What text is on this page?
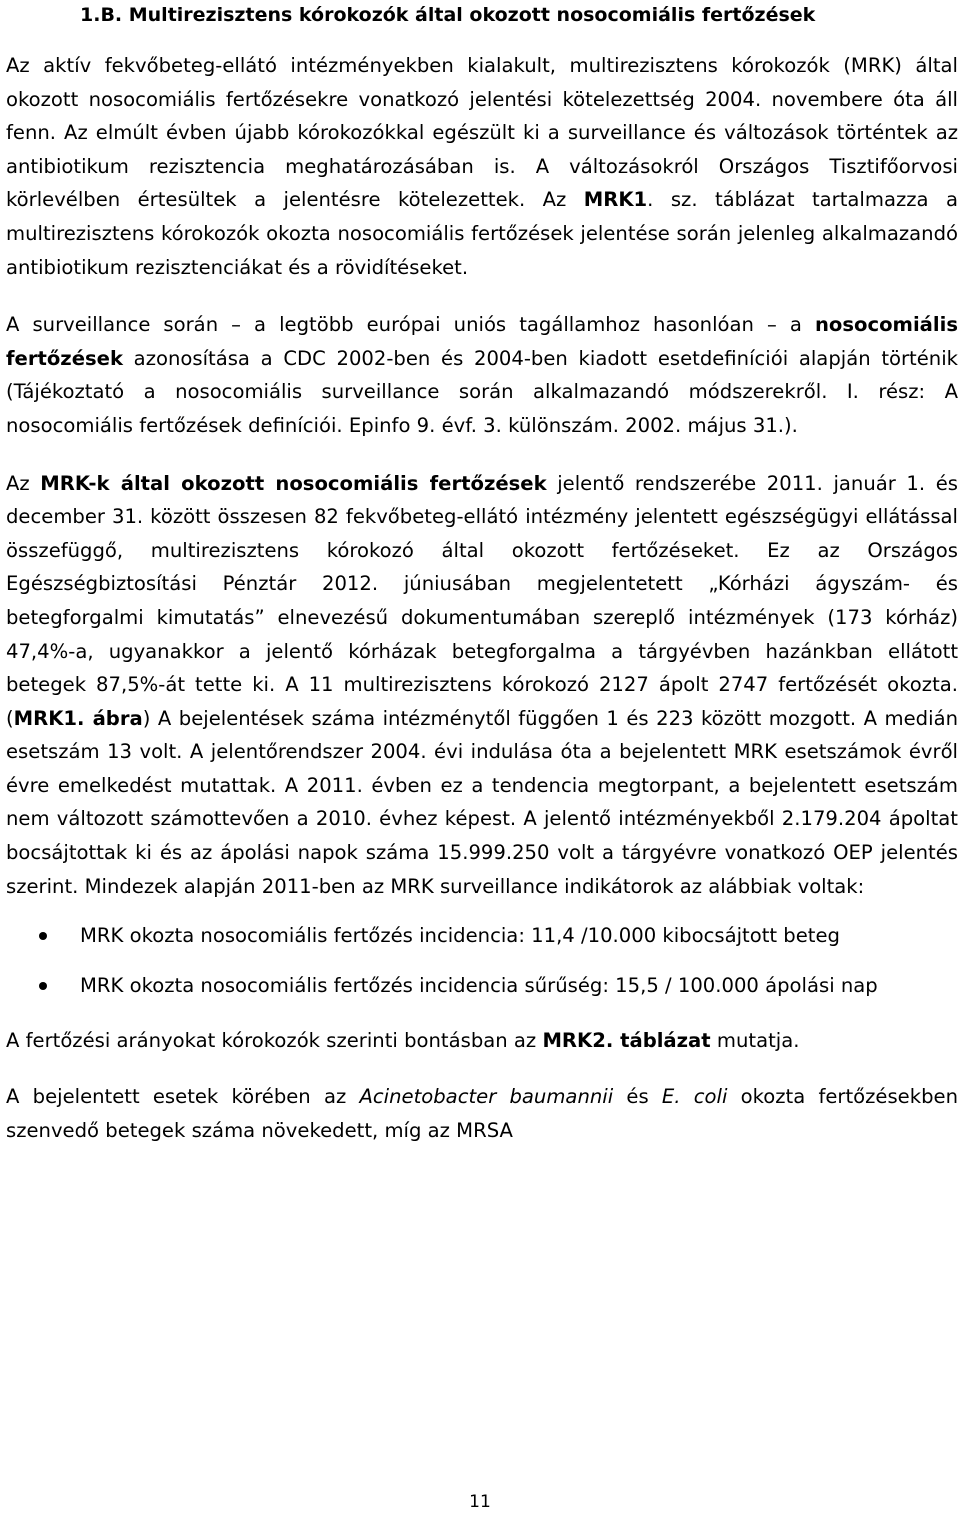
1.B. Multirezisztens kórokozók által okozott nosocomiális fertőzések

Az aktív fekvőbeteg-ellátó intézményekben kialakult, multirezisztens kórokozók (MRK) által okozott nosocomiális fertőzésekre vonatkozó jelentési kötelezettség 2004. novembere óta áll fenn. Az elmúlt évben újabb kórokozókkal egészült ki a surveillance és változások történtek az antibiotikum rezisztencia meghatározásában is. A változásokról Országos Tisztifőorvosi körlevélben értesültek a jelentésre kötelezettek. Az MRK1. sz. táblázat tartalmazza a multirezisztens kórokozók okozta nosocomiális fertőzések jelentése során jelenleg alkalmazandó antibiotikum rezisztenciákat és a rövidítéseket.

A surveillance során – a legtöbb európai uniós tagállamhoz hasonlóan – a nosocomiális fertőzések azonosítása a CDC 2002-ben és 2004-ben kiadott esetdefiníciói alapján történik (Tájékoztató a nosocomiális surveillance során alkalmazandó módszerekről. I. rész: A nosocomiális fertőzések definíciói. Epinfo 9. évf. 3. különszám. 2002. május 31.).

Az MRK-k által okozott nosocomiális fertőzések jelentő rendszerébe 2011. január 1. és december 31. között összesen 82 fekvőbeteg-ellátó intézmény jelentett egészségügyi ellátással összefüggő, multirezisztens kórokozó által okozott fertőzéseket. Ez az Országos Egészségbiztosítási Pénztár 2012. júniusában megjelentetett „Kórházi ágyszám- és betegforgalmi kimutatás” elnevezésű dokumentumában szereplő intézmények (173 kórház) 47,4%-a, ugyanakkor a jelentő kórházak betegforgalma a tárgyévben hazánkban ellátott betegek 87,5%-át tette ki. A 11 multirezisztens kórokozó 2127 ápolt 2747 fertőzését okozta. (MRK1. ábra) A bejelentések száma intézménytől függően 1 és 223 között mozgott. A medián esetszám 13 volt. A jelentőrendszer 2004. évi indulása óta a bejelentett MRK esetszámok évről évre emelkedést mutattak. A 2011. évben ez a tendencia megtorpant, a bejelentett esetszám nem változott számottevően a 2010. évhez képest. A jelentő intézményekből 2.179.204 ápoltat bocsájtottak ki és az ápolási napok száma 15.999.250 volt a tárgyévre vonatkozó OEP jelentés szerint. Mindezek alapján 2011-ben az MRK surveillance indikátorok az alábbiak voltak:

MRK okozta nosocomiális fertőzés incidencia: 11,4 /10.000 kibocsájtott beteg
MRK okozta nosocomiális fertőzés incidencia sűrűség: 15,5 / 100.000 ápolási nap

A fertőzési arányokat kórokozók szerinti bontásban az MRK2. táblázat mutatja.

A bejelentett esetek körében az Acinetobacter baumannii és E. coli okozta fertőzésekben szenvedő betegek száma növekedett, míg az MRSA

11
